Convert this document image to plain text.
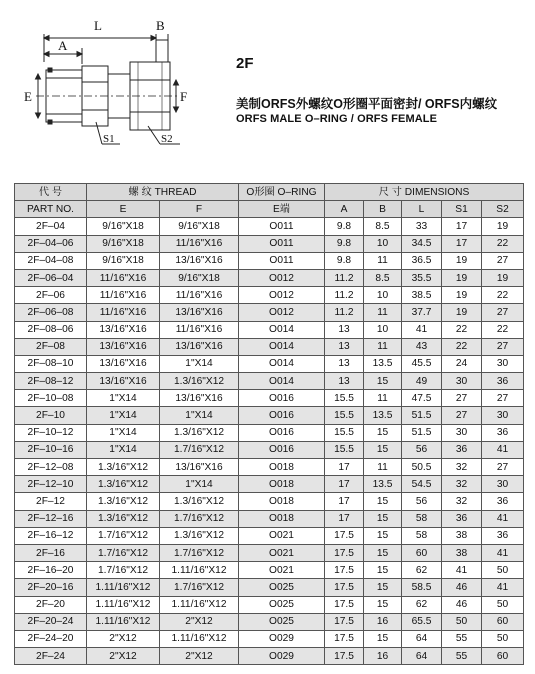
L	B
A
E	F
S1	S2
2F
美制ORFS外螺纹O形圈平面密封/ ORFS内螺纹
ORFS MALE O–RING / ORFS FEMALE
代 号	螺 纹 THREAD		O形圈 O–RING	尺 寸 DIMENSIONS				
PART NO.	E	F	E端	A	B	L	S1	S2
2F–04	9/16"X18	9/16"X18	O011	9.8	8.5	33	17	19
2F–04–06	9/16"X18	11/16"X16	O011	9.8	10	34.5	17	22
2F–04–08	9/16"X18	13/16"X16	O011	9.8	11	36.5	19	27
2F–06–04	11/16"X16	9/16"X18	O012	11.2	8.5	35.5	19	19
2F–06	11/16"X16	11/16"X16	O012	11.2	10	38.5	19	22
2F–06–08	11/16"X16	13/16"X16	O012	11.2	11	37.7	19	27
2F–08–06	13/16"X16	11/16"X16	O014	13	10	41	22	22
2F–08	13/16"X16	13/16"X16	O014	13	11	43	22	27
2F–08–10	13/16"X16	1"X14	O014	13	13.5	45.5	24	30
2F–08–12	13/16"X16	1.3/16"X12	O014	13	15	49	30	36
2F–10–08	1"X14	13/16"X16	O016	15.5	11	47.5	27	27
2F–10	1"X14	1"X14	O016	15.5	13.5	51.5	27	30
2F–10–12	1"X14	1.3/16"X12	O016	15.5	15	51.5	30	36
2F–10–16	1"X14	1.7/16"X12	O016	15.5	15	56	36	41
2F–12–08	1.3/16"X12	13/16"X16	O018	17	11	50.5	32	27
2F–12–10	1.3/16"X12	1"X14	O018	17	13.5	54.5	32	30
2F–12	1.3/16"X12	1.3/16"X12	O018	17	15	56	32	36
2F–12–16	1.3/16"X12	1.7/16"X12	O018	17	15	58	36	41
2F–16–12	1.7/16"X12	1.3/16"X12	O021	17.5	15	58	38	36
2F–16	1.7/16"X12	1.7/16"X12	O021	17.5	15	60	38	41
2F–16–20	1.7/16"X12	1.11/16"X12	O021	17.5	15	62	41	50
2F–20–16	1.11/16"X12	1.7/16"X12	O025	17.5	15	58.5	46	41
2F–20	1.11/16"X12	1.11/16"X12	O025	17.5	15	62	46	50
2F–20–24	1.11/16"X12	2"X12	O025	17.5	16	65.5	50	60
2F–24–20	2"X12	1.11/16"X12	O029	17.5	15	64	55	50
2F–24	2"X12	2"X12	O029	17.5	16	64	55	60
